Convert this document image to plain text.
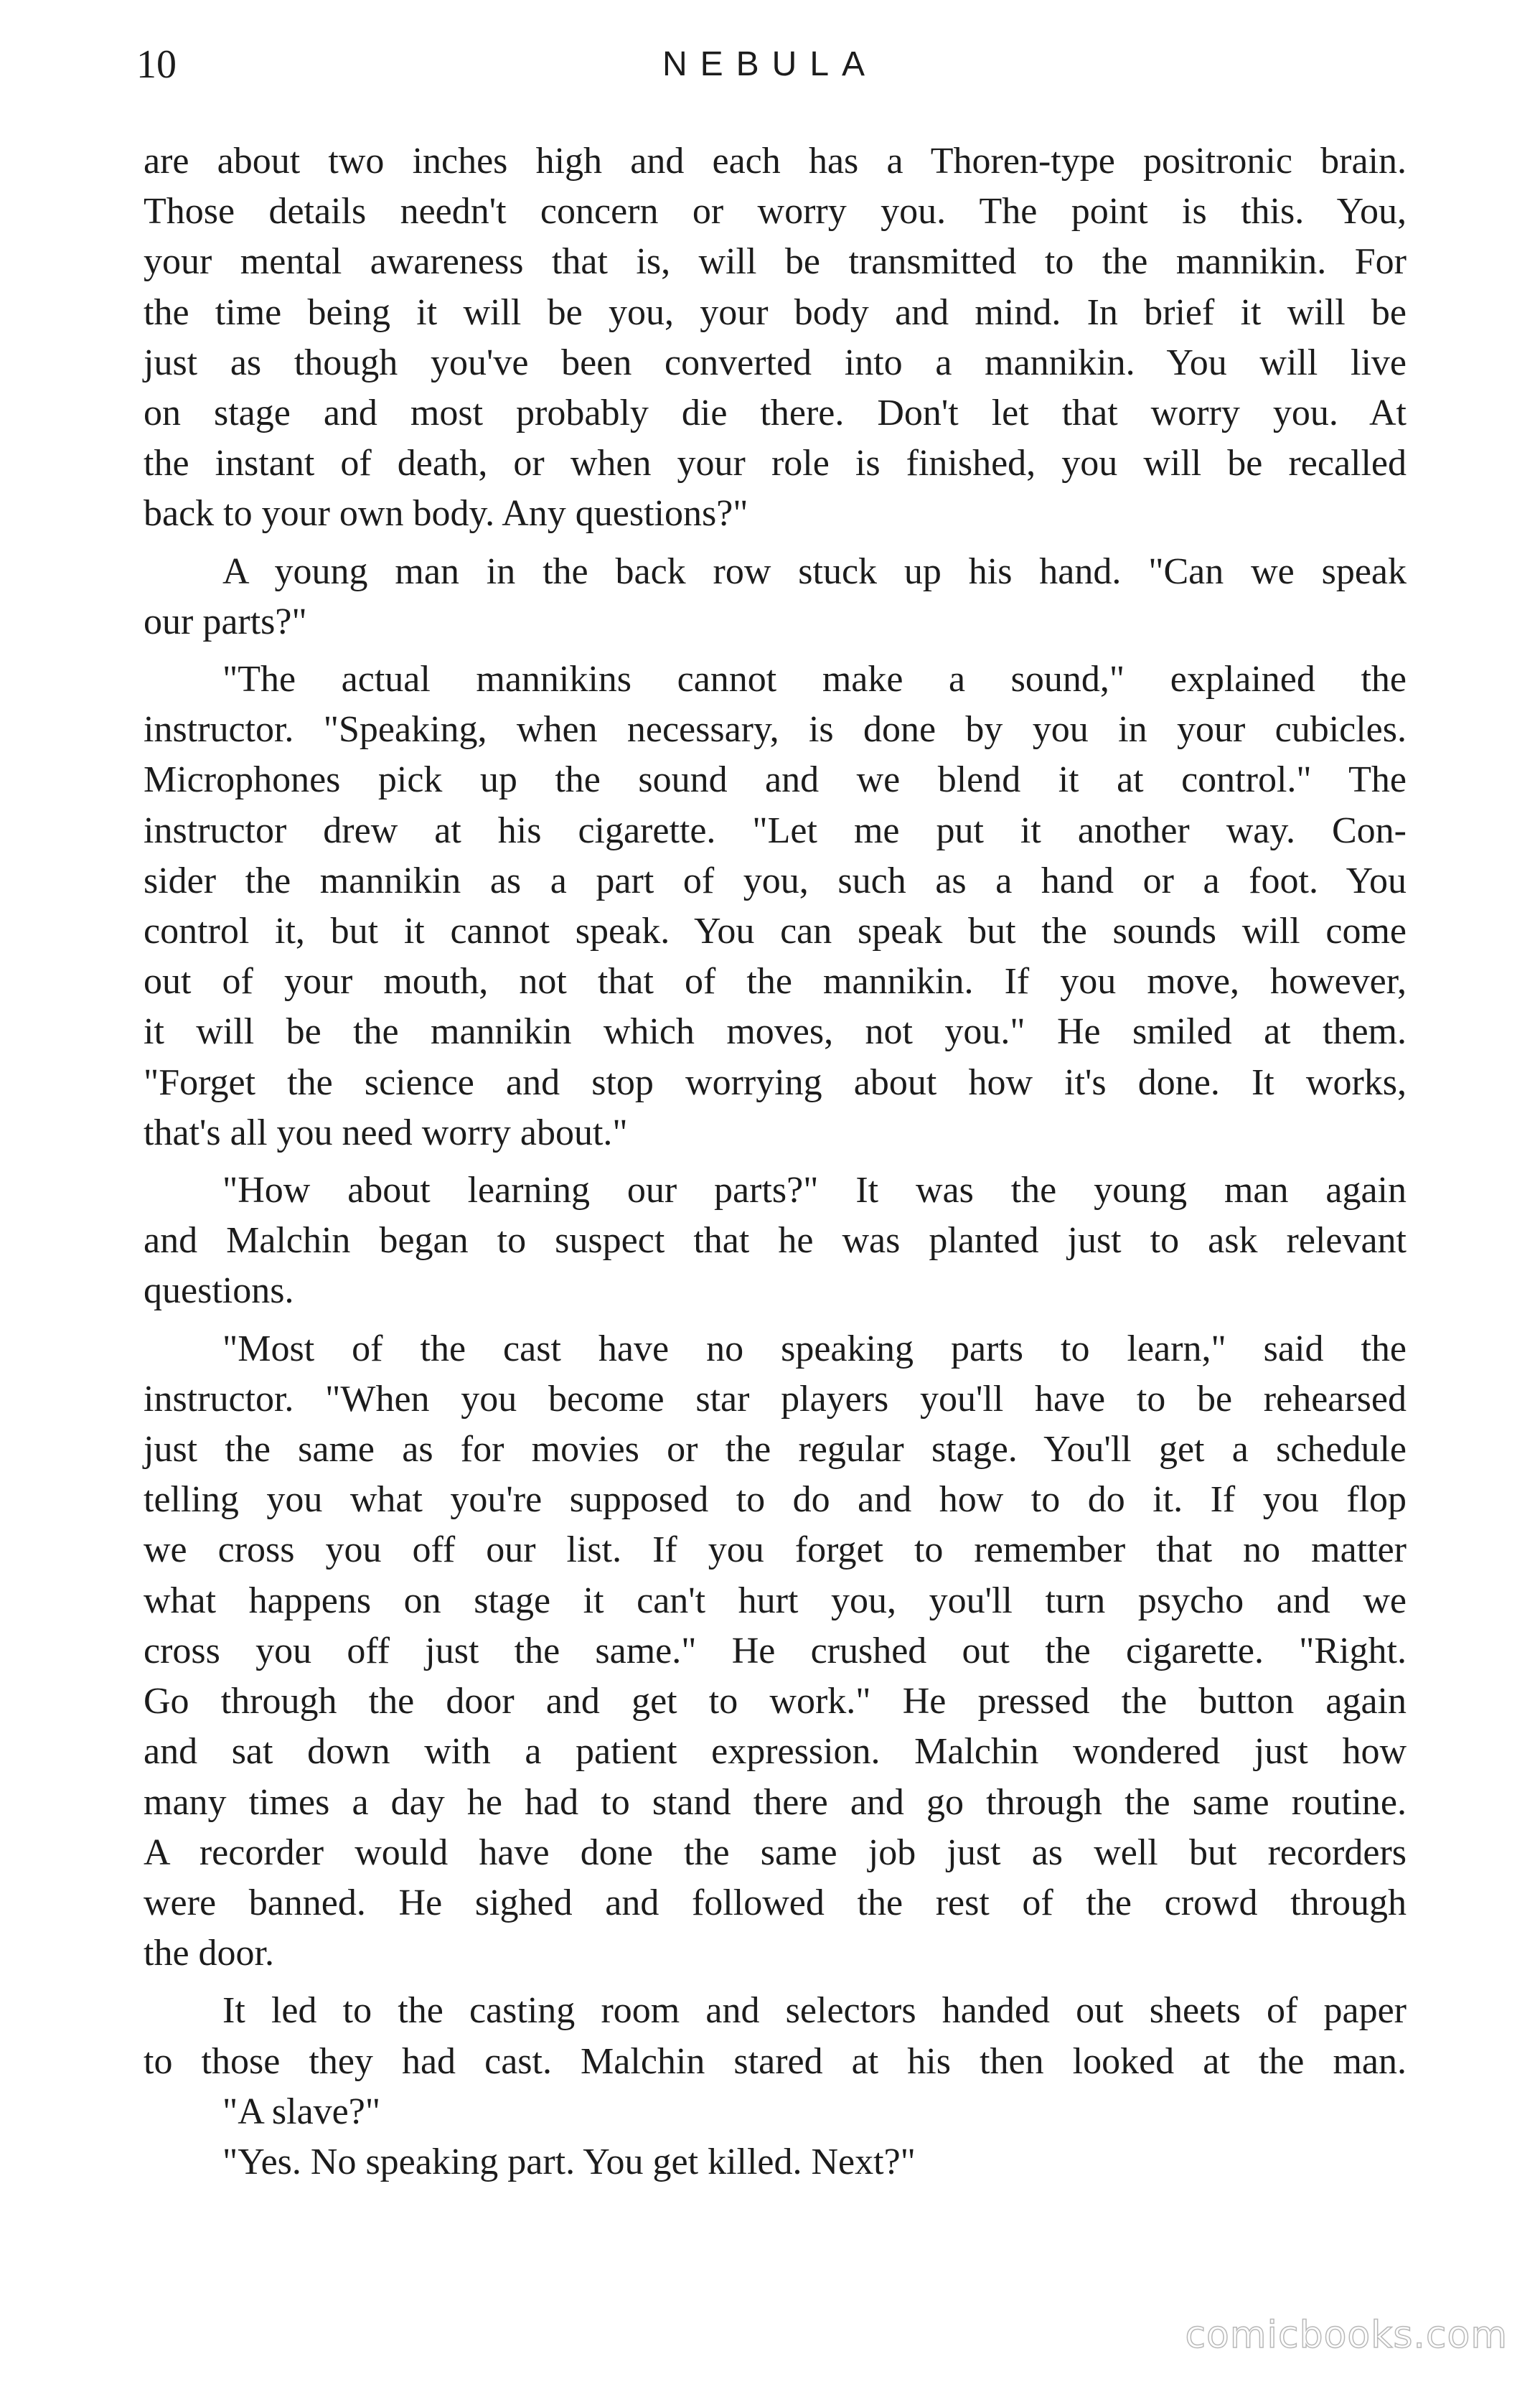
10	NEBULA

are about two inches high and each has a Thoren-type positronic brain.

Those details needn't concern or worry you. The point is this. You,

your mental awareness that is, will be transmitted to the mannikin. For

the time being it will be you, your body and mind. In brief it will be

just as though you've been converted into a mannikin. You will live

on stage and most probably die there. Don't let that worry you. At

the instant of death, or when your role is finished, you will be recalled

back to your own body. Any questions?"

A young man in the back row stuck up his hand. "Can we speak

our parts?"

"The actual mannikins cannot make a sound," explained the

instructor. "Speaking, when necessary, is done by you in your cubicles.

Microphones pick up the sound and we blend it at control." The

instructor drew at his cigarette. "Let me put it another way. Con-

sider the mannikin as a part of you, such as a hand or a foot. You

control it, but it cannot speak. You can speak but the sounds will come

out of your mouth, not that of the mannikin. If you move, however,

it will be the mannikin which moves, not you." He smiled at them.

"Forget the science and stop worrying about how it's done. It works,

that's all you need worry about."

"How about learning our parts?" It was the young man again

and Malchin began to suspect that he was planted just to ask relevant

questions.

"Most of the cast have no speaking parts to learn," said the

instructor. "When you become star players you'll have to be rehearsed

just the same as for movies or the regular stage. You'll get a schedule

telling you what you're supposed to do and how to do it. If you flop

we cross you off our list. If you forget to remember that no matter

what happens on stage it can't hurt you, you'll turn psycho and we

cross you off just the same." He crushed out the cigarette. "Right.

Go through the door and get to work." He pressed the button again

and sat down with a patient expression. Malchin wondered just how

many times a day he had to stand there and go through the same routine.

A recorder would have done the same job just as well but recorders

were banned. He sighed and followed the rest of the crowd through

the door.

It led to the casting room and selectors handed out sheets of paper

to those they had cast. Malchin stared at his then looked at the man.

"A slave?"

"Yes. No speaking part. You get killed. Next?"

comicbooks.com
